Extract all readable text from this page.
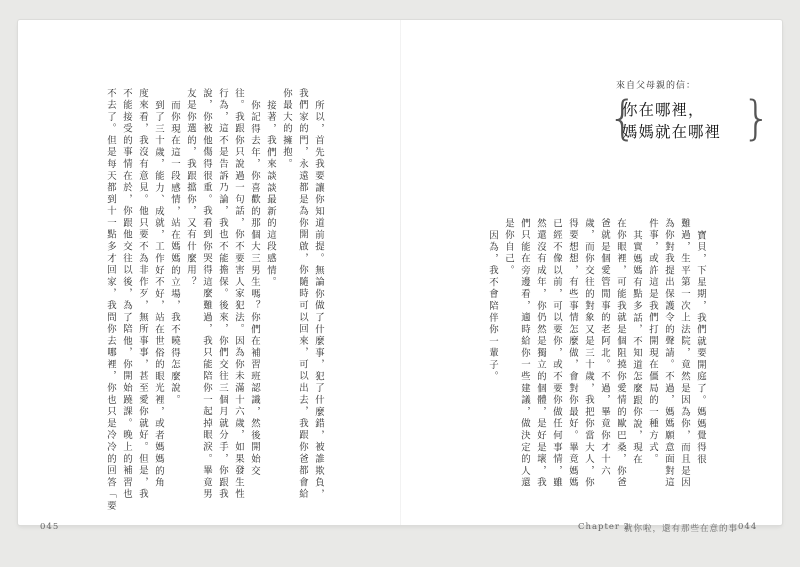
來自父母親的信：
{
你在哪裡，
媽媽就在哪裡 }
寶貝，下星期，我們就要開庭了。媽媽覺得很
難過，生平第一次上法院，竟然是因為你，而且是因
為你對我提出保護令的聲請。不過，媽媽願意面對這
件事，或許這是我們打開現在僵局的一種方式。
其實媽媽有點多話，不知道怎麼跟你說，現在
在你眼裡，可能我就是個阻撓你愛情的歐巴桑，你爸
爸就是個愛管閒事的老阿北。不過，畢竟你才十六
歲，而你交往的對象又是三十歲，我把你當大人，你
得要想想，有些事情怎麼做，會對你最好。畢竟媽媽
已經不像以前，可以要你，或不要你做任何事情，雖
然還沒有成年，你仍然是獨立的個體，是好是壞，我
們只能在旁邊看，適時給你一些建議，做決定的人還
是你自己。
因為，我不會陪伴你一輩子。
所以，首先我要讓你知道前提。無論你做了什麼事，犯了什麼錯，被誰欺負，
我們家的門，永遠都是為你開啟，你隨時可以回來，可以出去，我跟你爸都會給
你最大的擁抱。
接著，我們來談談最新的這段感情。
你記得去年，你喜歡的那個大三男生嗎？你們在補習班認識，然後開始交
往。我跟你只說過一句話，你不要害人家犯法。因為你未滿十六歲，如果發生性
行為，這不是告訴乃論，我也不能擔保。後來，你們交往三個月就分手，你跟我
說，你被他傷得很重。我看到你哭得這麼難過，我只能陪你一起掉眼淚。畢竟男
友是你選的，我跟擋你，又有什麼用？
而你現在這一段感情，站在媽媽的立場，我不曉得怎麼說。
到了三十歲，能力、成就，工作好不好，站在世俗的眼光裡，或者媽媽的角
度來看，我沒有意見。他只要不為非作歹，無所事事，甚至愛你就好。但是，我
不能接受的事情在於，你跟他交往以後，為了陪他，你開始蹺課。晚上的補習也
不去了。但是每天都到十一點多才回家，我問你去哪裡，你也只是冷冷的回答「要
045	Chapter 2
就你啦，還有那些在意的事 044
